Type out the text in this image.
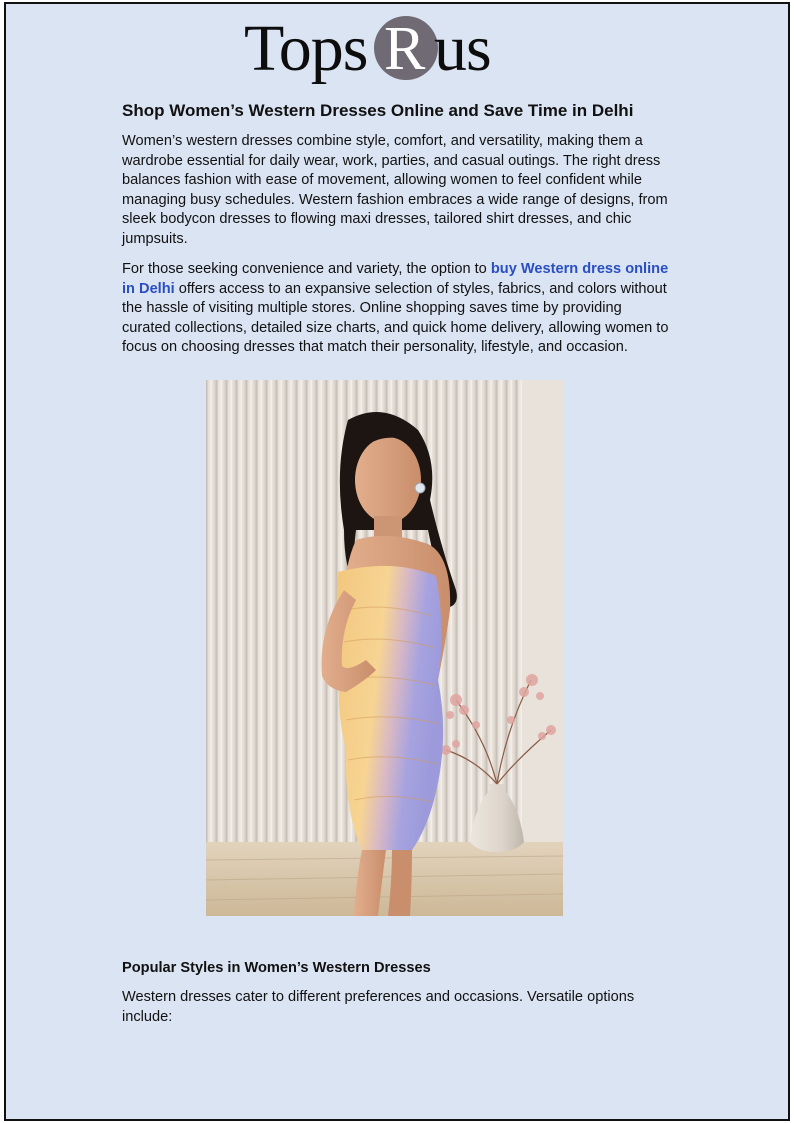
Tops R us
Shop Women’s Western Dresses Online and Save Time in Delhi

Women’s western dresses combine style, comfort, and versatility, making them a wardrobe essential for daily wear, work, parties, and casual outings. The right dress balances fashion with ease of movement, allowing women to feel confident while managing busy schedules. Western fashion embraces a wide range of designs, from sleek bodycon dresses to flowing maxi dresses, tailored shirt dresses, and chic jumpsuits.

For those seeking convenience and variety, the option to buy Western dress online in Delhi offers access to an expansive selection of styles, fabrics, and colors without the hassle of visiting multiple stores. Online shopping saves time by providing curated collections, detailed size charts, and quick home delivery, allowing women to focus on choosing dresses that match their personality, lifestyle, and occasion.

Popular Styles in Women’s Western Dresses

Western dresses cater to different preferences and occasions. Versatile options include:
